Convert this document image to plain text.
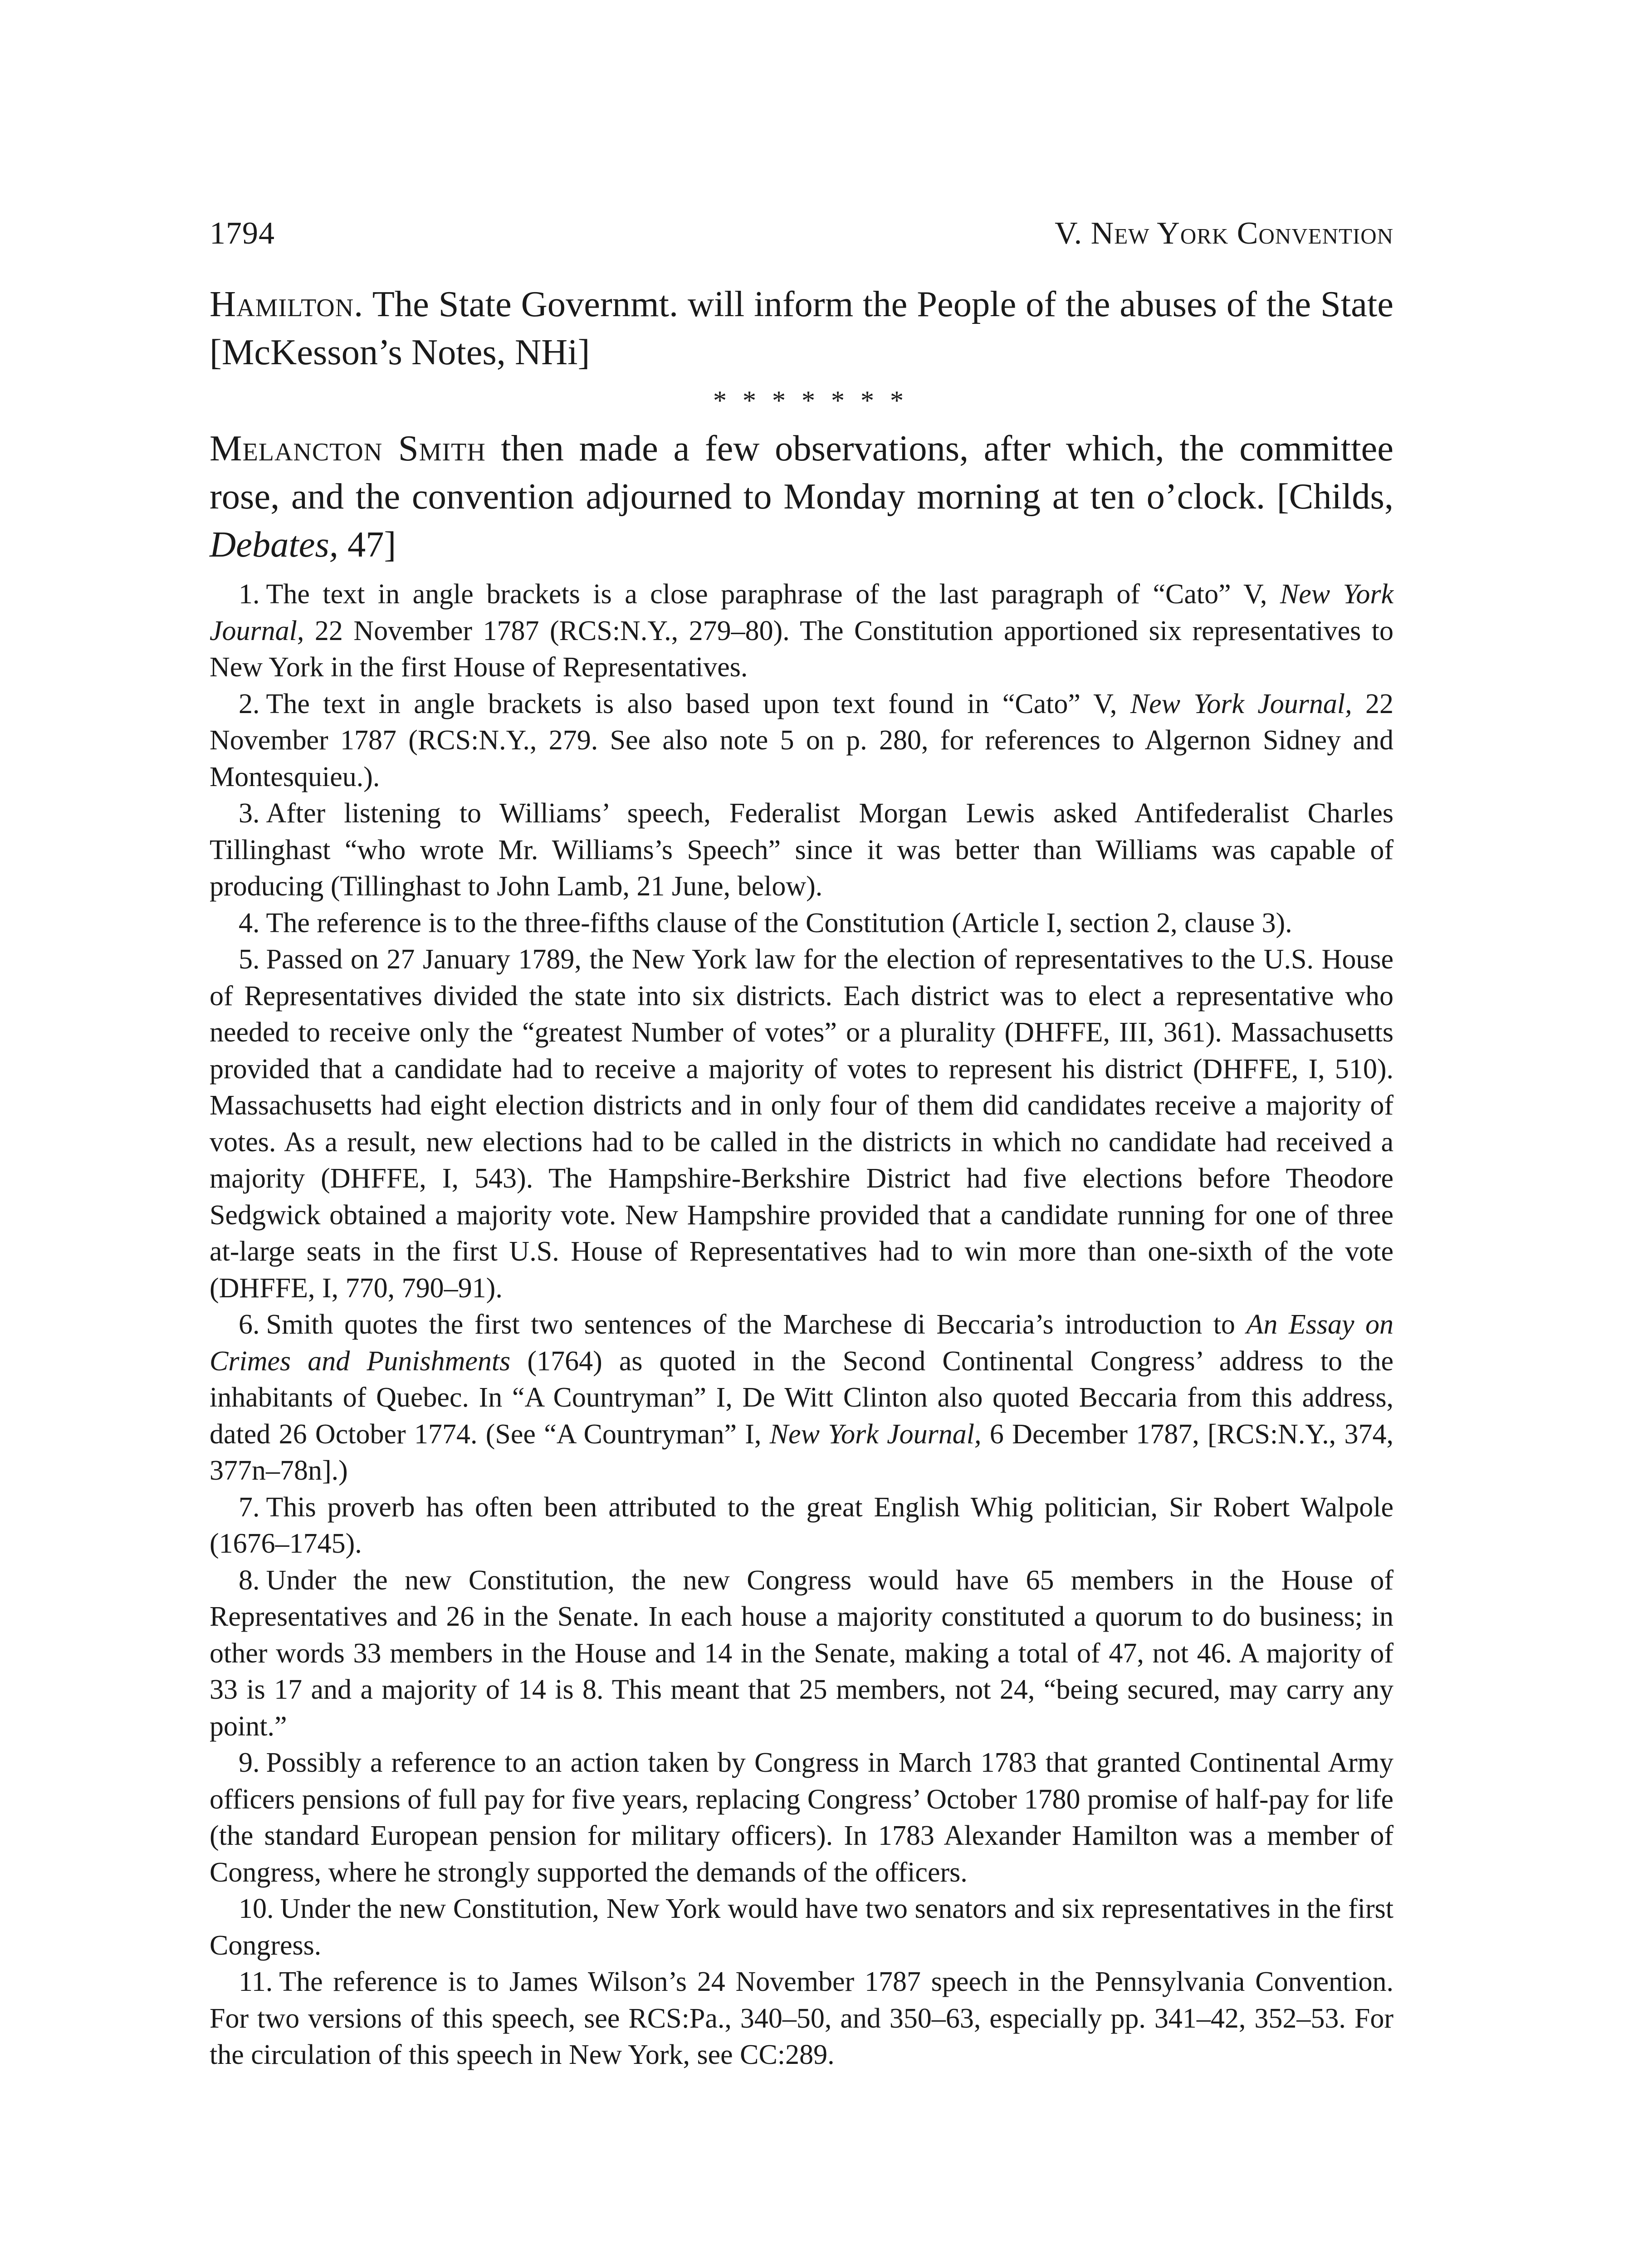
1794	V. New York Convention

Hamilton. The State Governmt. will inform the People of the abuses of the State [McKesson’s Notes, NHi]

* * * * * * *

Melancton Smith then made a few observations, after which, the committee rose, and the convention adjourned to Monday morning at ten o’clock. [Childs, Debates, 47]

1. The text in angle brackets is a close paraphrase of the last paragraph of “Cato” V, New York Journal, 22 November 1787 (RCS:N.Y., 279–80). The Constitution apportioned six representatives to New York in the first House of Representatives.

2. The text in angle brackets is also based upon text found in “Cato” V, New York Journal, 22 November 1787 (RCS:N.Y., 279. See also note 5 on p. 280, for references to Algernon Sidney and Montesquieu.).

3. After listening to Williams’ speech, Federalist Morgan Lewis asked Antifederalist Charles Tillinghast “who wrote Mr. Williams’s Speech” since it was better than Williams was capable of producing (Tillinghast to John Lamb, 21 June, below).

4. The reference is to the three-fifths clause of the Constitution (Article I, section 2, clause 3).

5. Passed on 27 January 1789, the New York law for the election of representatives to the U.S. House of Representatives divided the state into six districts. Each district was to elect a representative who needed to receive only the “greatest Number of votes” or a plurality (DHFFE, III, 361). Massachusetts provided that a candidate had to receive a majority of votes to represent his district (DHFFE, I, 510). Massachusetts had eight election districts and in only four of them did candidates receive a majority of votes. As a result, new elections had to be called in the districts in which no candidate had received a majority (DHFFE, I, 543). The Hampshire-Berkshire District had five elections before Theodore Sedgwick obtained a majority vote. New Hampshire provided that a candidate running for one of three at-large seats in the first U.S. House of Representatives had to win more than one-sixth of the vote (DHFFE, I, 770, 790–91).

6. Smith quotes the first two sentences of the Marchese di Beccaria’s introduction to An Essay on Crimes and Punishments (1764) as quoted in the Second Continental Congress’ address to the inhabitants of Quebec. In “A Countryman” I, De Witt Clinton also quoted Beccaria from this address, dated 26 October 1774. (See “A Countryman” I, New York Journal, 6 December 1787, [RCS:N.Y., 374, 377n–78n].)

7. This proverb has often been attributed to the great English Whig politician, Sir Robert Walpole (1676–1745).

8. Under the new Constitution, the new Congress would have 65 members in the House of Representatives and 26 in the Senate. In each house a majority constituted a quorum to do business; in other words 33 members in the House and 14 in the Senate, making a total of 47, not 46. A majority of 33 is 17 and a majority of 14 is 8. This meant that 25 members, not 24, “being secured, may carry any point.”

9. Possibly a reference to an action taken by Congress in March 1783 that granted Continental Army officers pensions of full pay for five years, replacing Congress’ October 1780 promise of half-pay for life (the standard European pension for military officers). In 1783 Alexander Hamilton was a member of Congress, where he strongly supported the demands of the officers.

10. Under the new Constitution, New York would have two senators and six representatives in the first Congress.

11. The reference is to James Wilson’s 24 November 1787 speech in the Pennsylvania Convention. For two versions of this speech, see RCS:Pa., 340–50, and 350–63, especially pp. 341–42, 352–53. For the circulation of this speech in New York, see CC:289.
